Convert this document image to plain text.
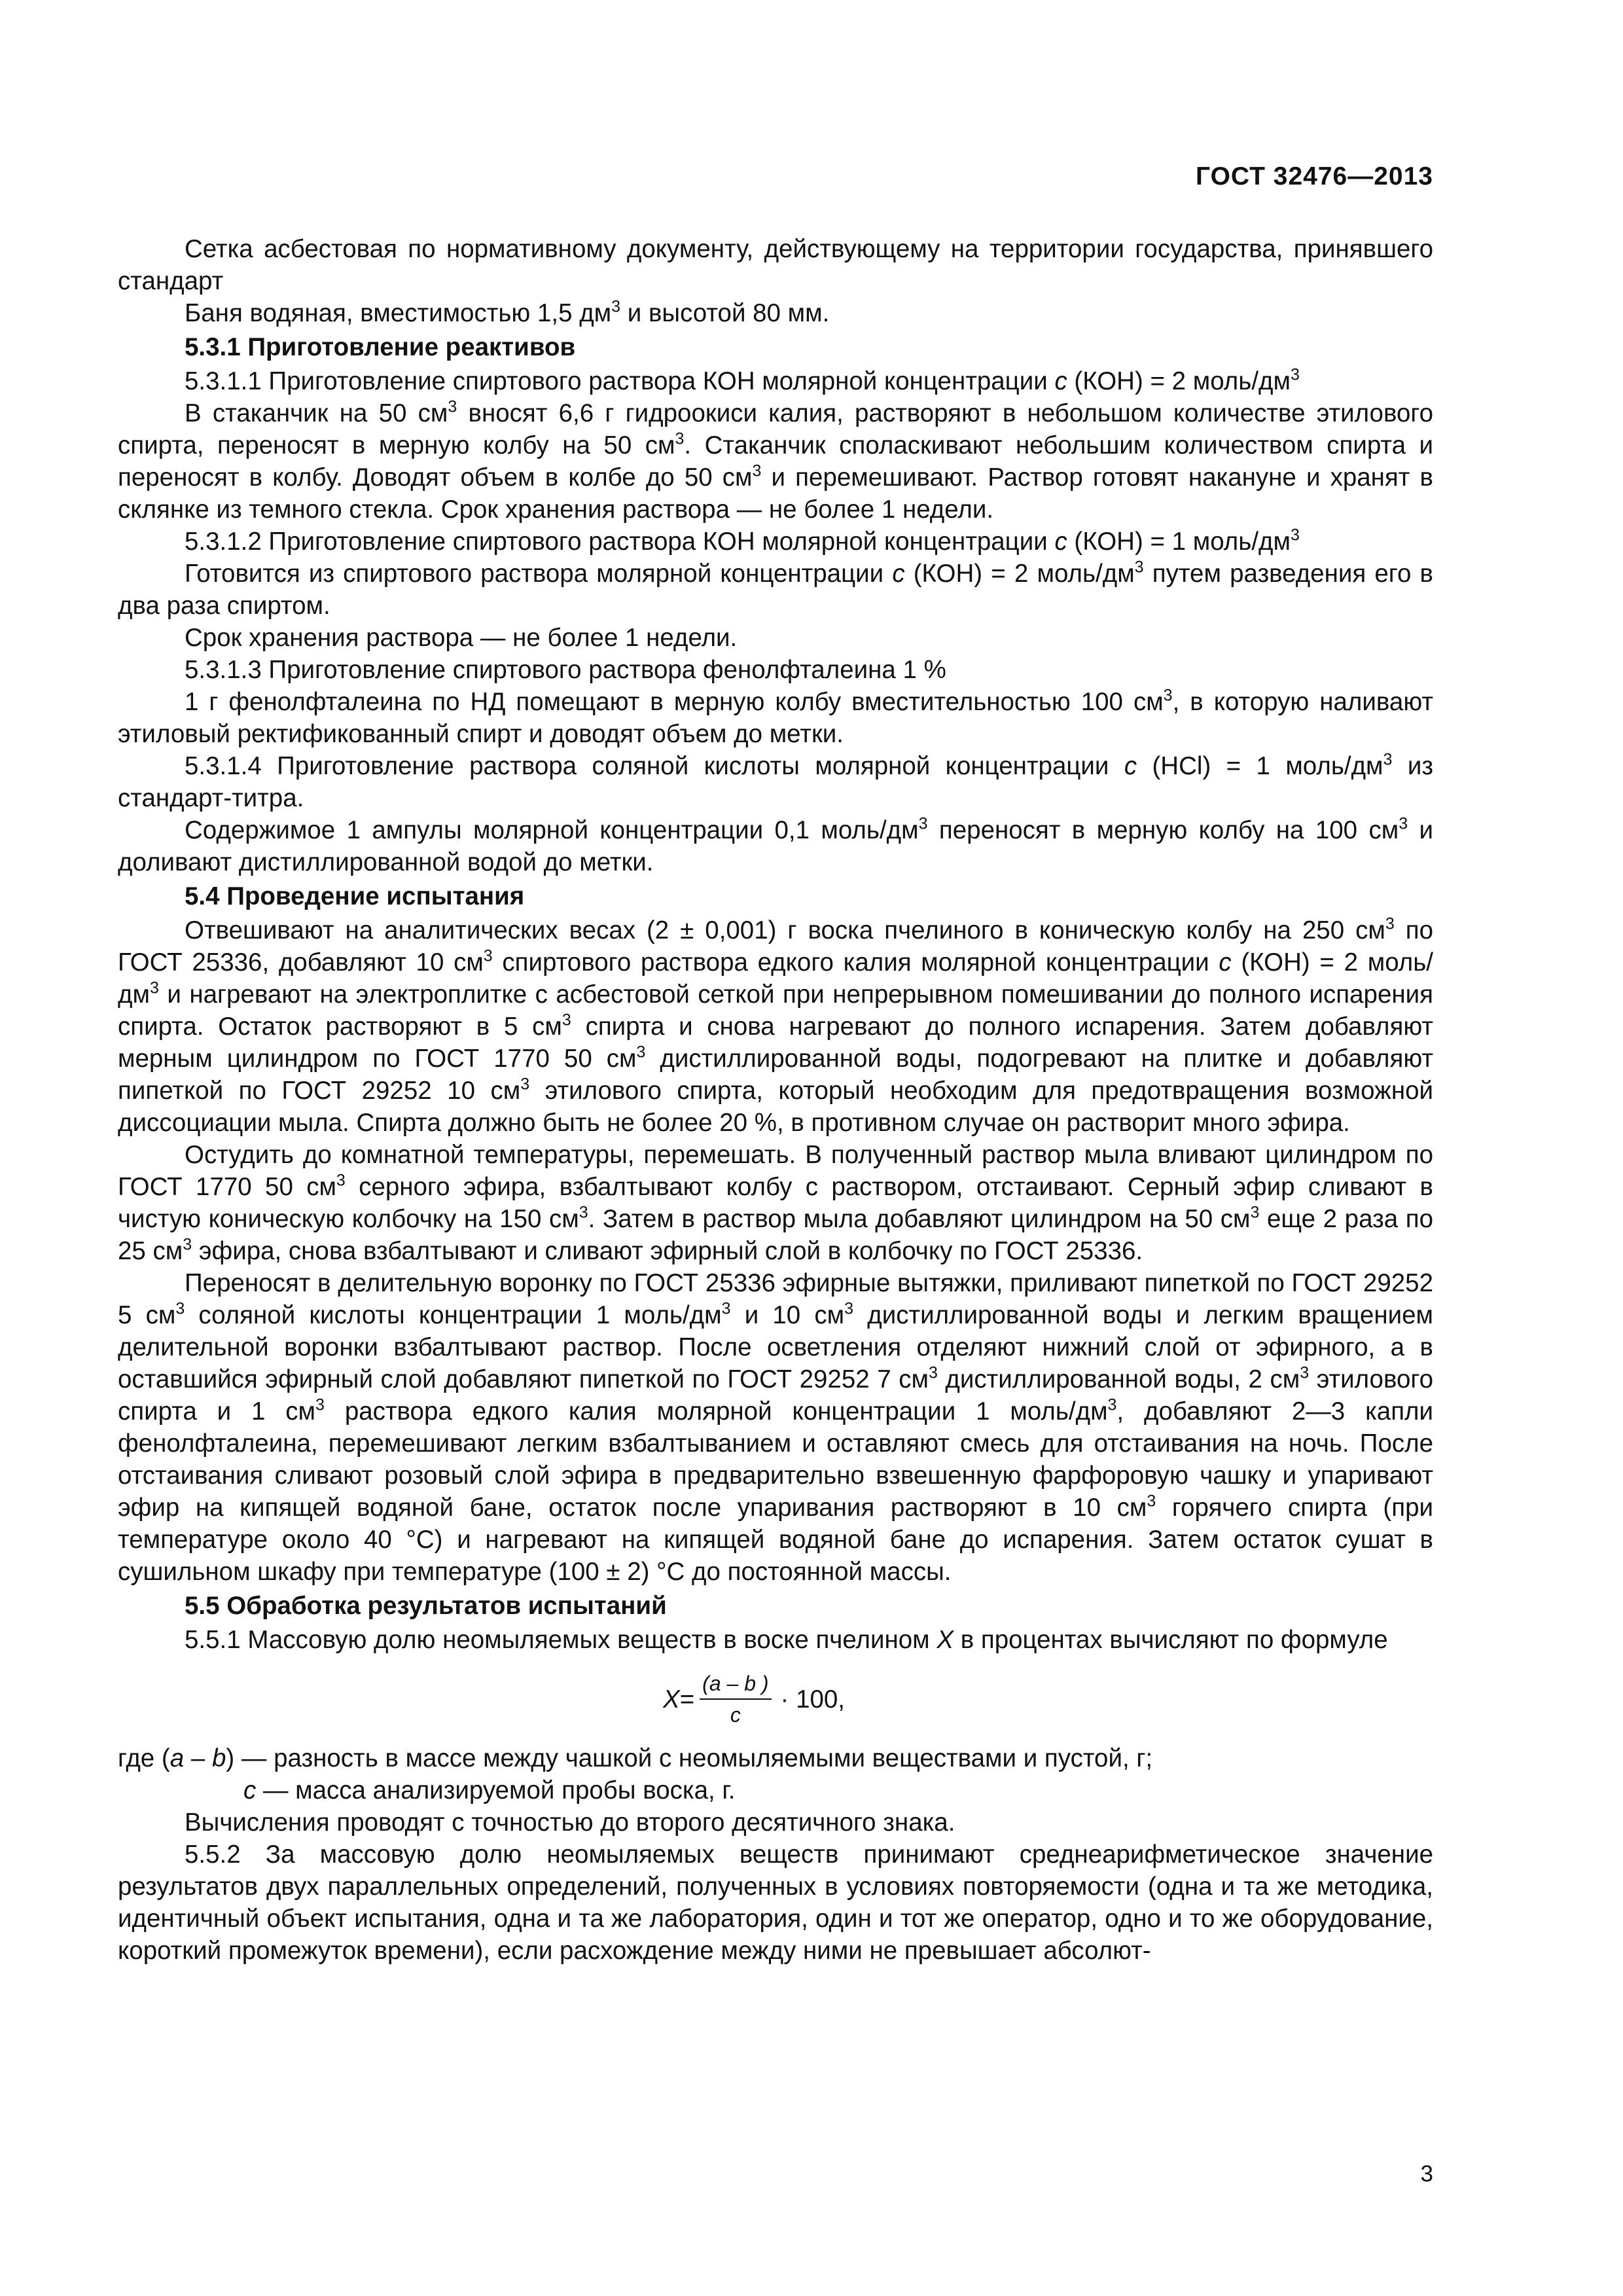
ГОСТ 32476—2013

Сетка асбестовая по нормативному документу, действующему на территории государства, принявшего стандарт

Баня водяная, вместимостью 1,5 $дм^3$ и высотой 80 мм.

5.3.1 Приготовление реактивов

5.3.1.1 Приготовление спиртового раствора КОН молярной концентрации c (КОН) = 2 моль/$дм^3$

В стаканчик на 50 $см^3$ вносят 6,6 г гидроокиси калия, растворяют в небольшом количестве этилового спирта, переносят в мерную колбу на 50 $см^3$. Стаканчик споласкивают небольшим количеством спирта и переносят в колбу. Доводят объем в колбе до 50 $см^3$ и перемешивают. Раствор готовят накануне и хранят в склянке из темного стекла. Срок хранения раствора — не более 1 недели.

5.3.1.2 Приготовление спиртового раствора КОН молярной концентрации c (КОН) = 1 моль/$дм^3$

Готовится из спиртового раствора молярной концентрации c (КОН) = 2 моль/$дм^3$ путем разведения его в два раза спиртом.

Срок хранения раствора — не более 1 недели.

5.3.1.3 Приготовление спиртового раствора фенолфталеина 1 %

1 г фенолфталеина по НД помещают в мерную колбу вместительностью 100 $см^3$, в которую наливают этиловый ректификованный спирт и доводят объем до метки.

5.3.1.4 Приготовление раствора соляной кислоты молярной концентрации c (HCl) = 1 моль/$дм^3$ из стандарт-титра.

Содержимое 1 ампулы молярной концентрации 0,1 моль/$дм^3$ переносят в мерную колбу на 100 $см^3$ и доливают дистиллированной водой до метки.

5.4 Проведение испытания

Отвешивают на аналитических весах (2 ± 0,001) г воска пчелиного в коническую колбу на 250 $см^3$ по ГОСТ 25336, добавляют 10 $см^3$ спиртового раствора едкого калия молярной концентрации c (КОН) = 2 моль/$дм^3$ и нагревают на электроплитке с асбестовой сеткой при непрерывном помешивании до полного испарения спирта. Остаток растворяют в 5 $см^3$ спирта и снова нагревают до полного испарения. Затем добавляют мерным цилиндром по ГОСТ 1770 50 $см^3$ дистиллированной воды, подогревают на плитке и добавляют пипеткой по ГОСТ 29252 10 $см^3$ этилового спирта, который необходим для предотвращения возможной диссоциации мыла. Спирта должно быть не более 20 %, в противном случае он растворит много эфира.

Остудить до комнатной температуры, перемешать. В полученный раствор мыла вливают цилиндром по ГОСТ 1770 50 $см^3$ серного эфира, взбалтывают колбу с раствором, отстаивают. Серный эфир сливают в чистую коническую колбочку на 150 $см^3$. Затем в раствор мыла добавляют цилиндром на 50 $см^3$ еще 2 раза по 25 $см^3$ эфира, снова взбалтывают и сливают эфирный слой в колбочку по ГОСТ 25336.

Переносят в делительную воронку по ГОСТ 25336 эфирные вытяжки, приливают пипеткой по ГОСТ 29252 5 $см^3$ соляной кислоты концентрации 1 моль/$дм^3$ и 10 $см^3$ дистиллированной воды и легким вращением делительной воронки взбалтывают раствор. После осветления отделяют нижний слой от эфирного, а в оставшийся эфирный слой добавляют пипеткой по ГОСТ 29252 7 $см^3$ дистиллированной воды, 2 $см^3$ этилового спирта и 1 $см^3$ раствора едкого калия молярной концентрации 1 моль/$дм^3$, добавляют 2—3 капли фенолфталеина, перемешивают легким взбалтыванием и оставляют смесь для отстаивания на ночь. После отстаивания сливают розовый слой эфира в предварительно взвешенную фарфоровую чашку и упаривают эфир на кипящей водяной бане, остаток после упаривания растворяют в 10 $см^3$ горячего спирта (при температуре около 40 °С) и нагревают на кипящей водяной бане до испарения. Затем остаток сушат в сушильном шкафу при температуре (100 ± 2) °С до постоянной массы.

5.5 Обработка результатов испытаний

5.5.1 Массовую долю неомыляемых веществ в воске пчелином X в процентах вычисляют по формуле

$X = \frac{(a - b )}{c} \cdot 100$,

где (a – b) — разность в массе между чашкой с неомыляемыми веществами и пустой, г;

c — масса анализируемой пробы воска, г.

Вычисления проводят с точностью до второго десятичного знака.

5.5.2 За массовую долю неомыляемых веществ принимают среднеарифметическое значение результатов двух параллельных определений, полученных в условиях повторяемости (одна и та же методика, идентичный объект испытания, одна и та же лаборатория, один и тот же оператор, одно и то же оборудование, короткий промежуток времени), если расхождение между ними не превышает абсолют-

3
